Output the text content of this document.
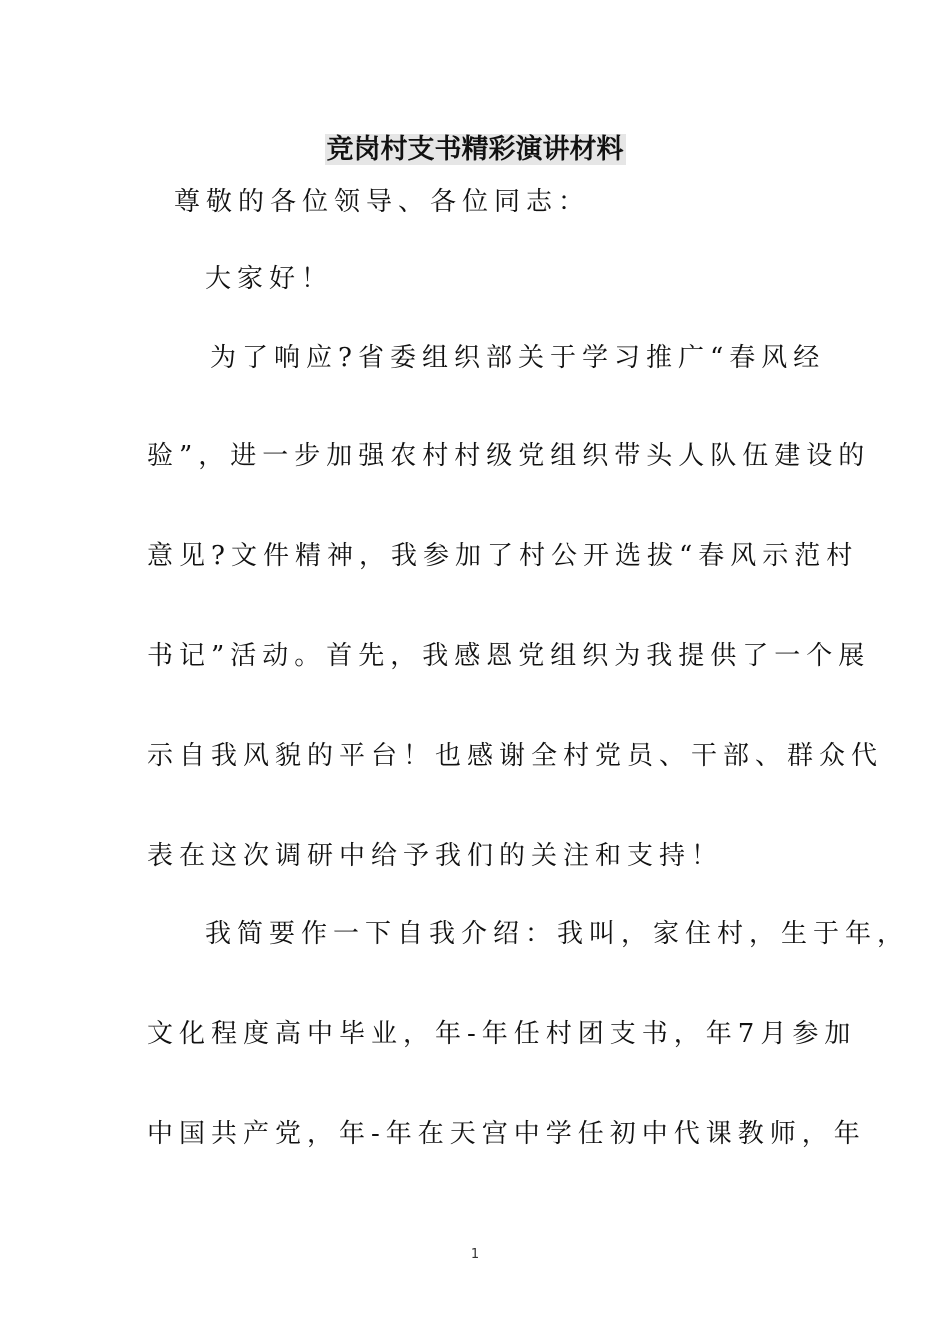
竞岗村支书精彩演讲材料
尊敬的各位领导、各位同志：
大家好！
为了响应?省委组织部关于学习推广“春风经
验”，进一步加强农村村级党组织带头人队伍建设的
意见?文件精神，我参加了村公开选拔“春风示范村
书记”活动。首先，我感恩党组织为我提供了一个展
示自我风貌的平台！也感谢全村党员、干部、群众代
表在这次调研中给予我们的关注和支持！
我简要作一下自我介绍：我叫，家住村，生于年，
文化程度高中毕业，年-年任村团支书，年7月参加
中国共产党，年-年在天宫中学任初中代课教师，年
1
